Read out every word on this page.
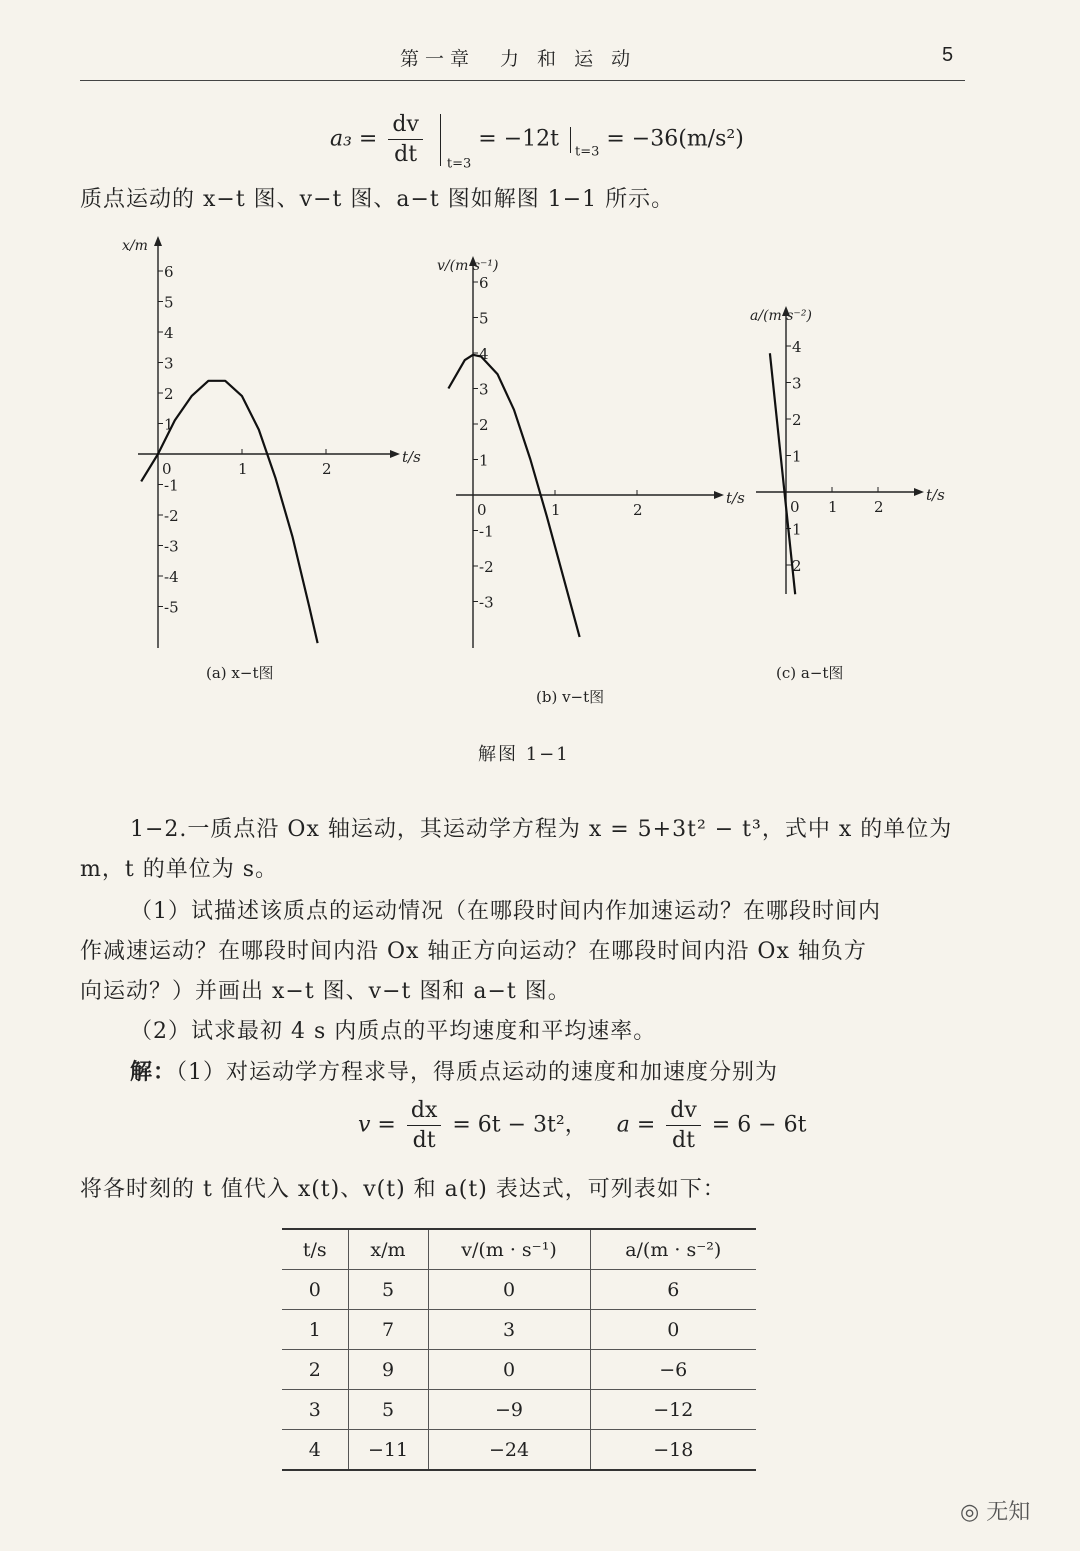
第一章　力 和 运 动	5
$a_3 = \frac{dv}{dt} _{t=3} = -12t$ $_{t=3}$ = −36(m/s²)
质点运动的 x−t 图、v−t 图、a−t 图如解图 1−1 所示。
t/s
x/m
0	1	2
6
5
4
3
2
1
-1
-2
-3
-4
-5
(a) x−t图
t/s
v/(m·s⁻¹)
0	1	2
6
5
4
3
2
1
-1
-2
-3
(b) v−t图
t/s
a/(m·s⁻²)
0 1 2
4
3
2
1
1
2
(c) a−t图
解图 1−1
1−2.一质点沿 Ox 轴运动，其运动学方程为 x = 5+3t² − t³，式中 x 的单位为
m，t 的单位为 s。
（1）试描述该质点的运动情况（在哪段时间内作加速运动？在哪段时间内
作减速运动？在哪段时间内沿 Ox 轴正方向运动？在哪段时间内沿 Ox 轴负方
向运动？）并画出 x−t 图、v−t 图和 a−t 图。
（2）试求最初 4 s 内质点的平均速度和平均速率。
解：（1）对运动学方程求导，得质点运动的速度和加速度分别为
$v = \frac{dx}{dt} = 6t - 3t^2$， $a = \frac{dv}{dt} = 6 - 6t$
将各时刻的 t 值代入 x(t)、v(t) 和 a(t) 表达式，可列表如下：
t/s	x/m	v/(m · s⁻¹)	a/(m · s⁻²)
0	5	0	6
1	7	3	0
2	9	0	−6
3	5	−9	−12
4	−11	−24	−18
◎ 无知
